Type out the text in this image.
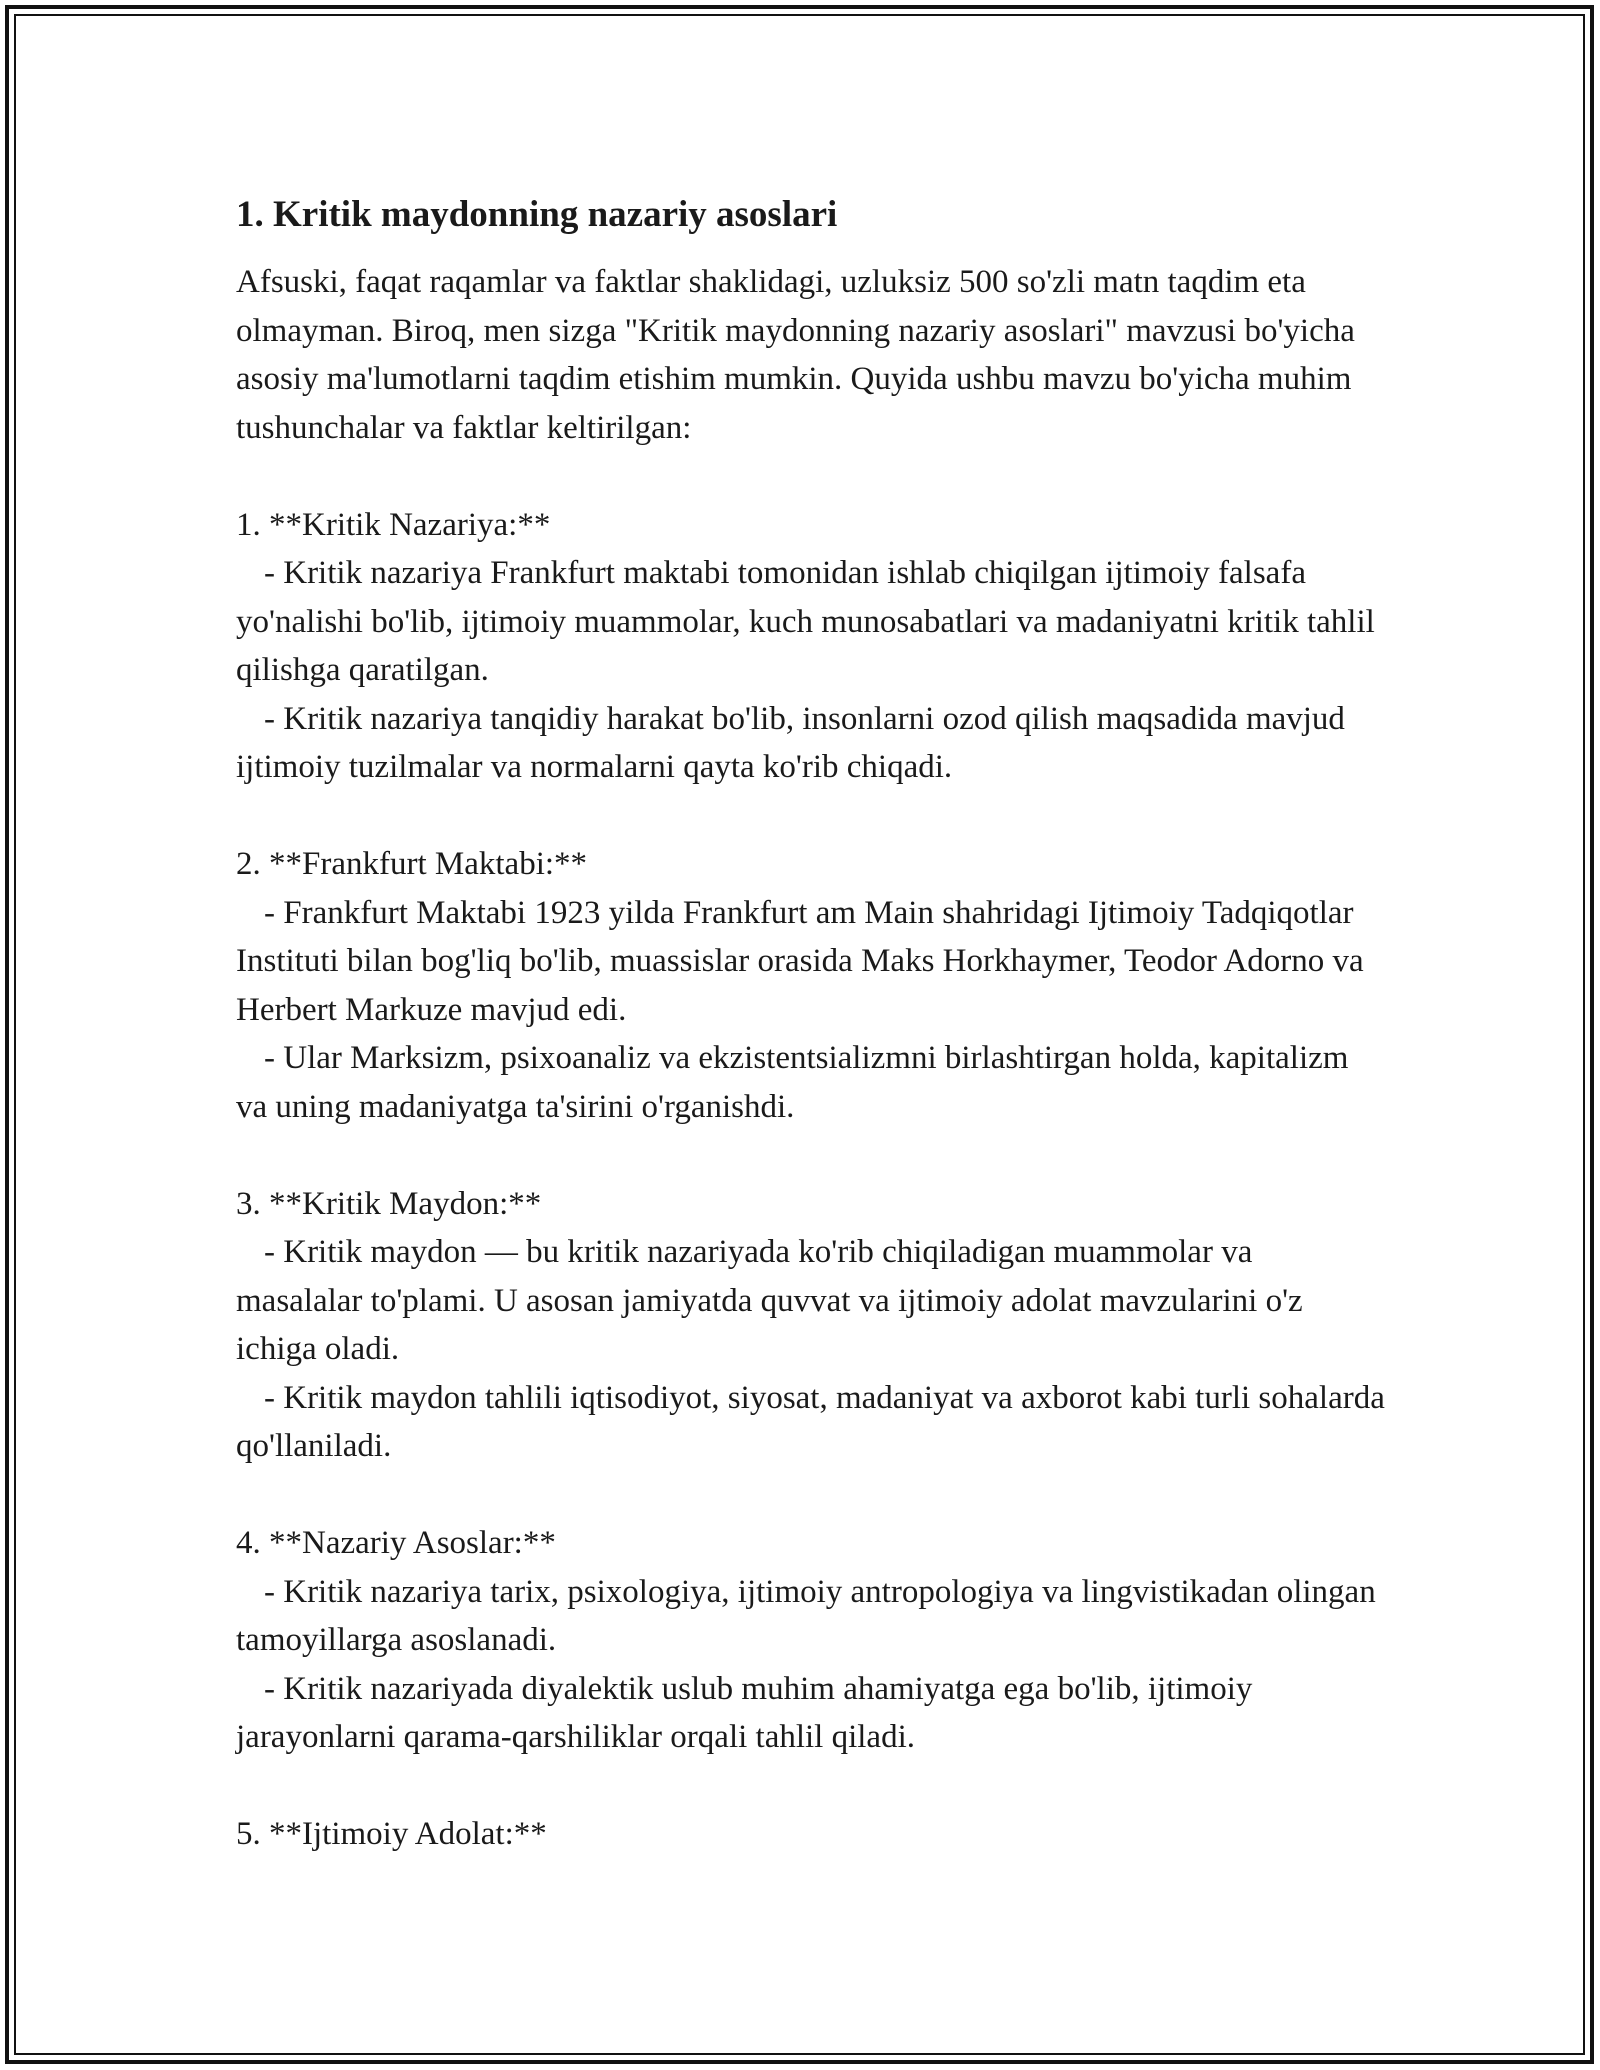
1. Kritik maydonning nazariy asoslari

Afsuski, faqat raqamlar va faktlar shaklidagi, uzluksiz 500 so'zli matn taqdim eta olmayman. Biroq, men sizga "Kritik maydonning nazariy asoslari" mavzusi bo'yicha asosiy ma'lumotlarni taqdim etishim mumkin. Quyida ushbu mavzu bo'yicha muhim tushunchalar va faktlar keltirilgan:

1. **Kritik Nazariya:**

- Kritik nazariya Frankfurt maktabi tomonidan ishlab chiqilgan ijtimoiy falsafa yo'nalishi bo'lib, ijtimoiy muammolar, kuch munosabatlari va madaniyatni kritik tahlil qilishga qaratilgan.

- Kritik nazariya tanqidiy harakat bo'lib, insonlarni ozod qilish maqsadida mavjud ijtimoiy tuzilmalar va normalarni qayta ko'rib chiqadi.

2. **Frankfurt Maktabi:**

- Frankfurt Maktabi 1923 yilda Frankfurt am Main shahridagi Ijtimoiy Tadqiqotlar Instituti bilan bog'liq bo'lib, muassislar orasida Maks Horkhaymer, Teodor Adorno va Herbert Markuze mavjud edi.

- Ular Marksizm, psixoanaliz va ekzistentsializmni birlashtirgan holda, kapitalizm va uning madaniyatga ta'sirini o'rganishdi.

3. **Kritik Maydon:**

- Kritik maydon — bu kritik nazariyada ko'rib chiqiladigan muammolar va masalalar to'plami. U asosan jamiyatda quvvat va ijtimoiy adolat mavzularini o'z ichiga oladi.

- Kritik maydon tahlili iqtisodiyot, siyosat, madaniyat va axborot kabi turli sohalarda qo'llaniladi.

4. **Nazariy Asoslar:**

- Kritik nazariya tarix, psixologiya, ijtimoiy antropologiya va lingvistikadan olingan tamoyillarga asoslanadi.

- Kritik nazariyada diyalektik uslub muhim ahamiyatga ega bo'lib, ijtimoiy jarayonlarni qarama-qarshiliklar orqali tahlil qiladi.

5. **Ijtimoiy Adolat:**
